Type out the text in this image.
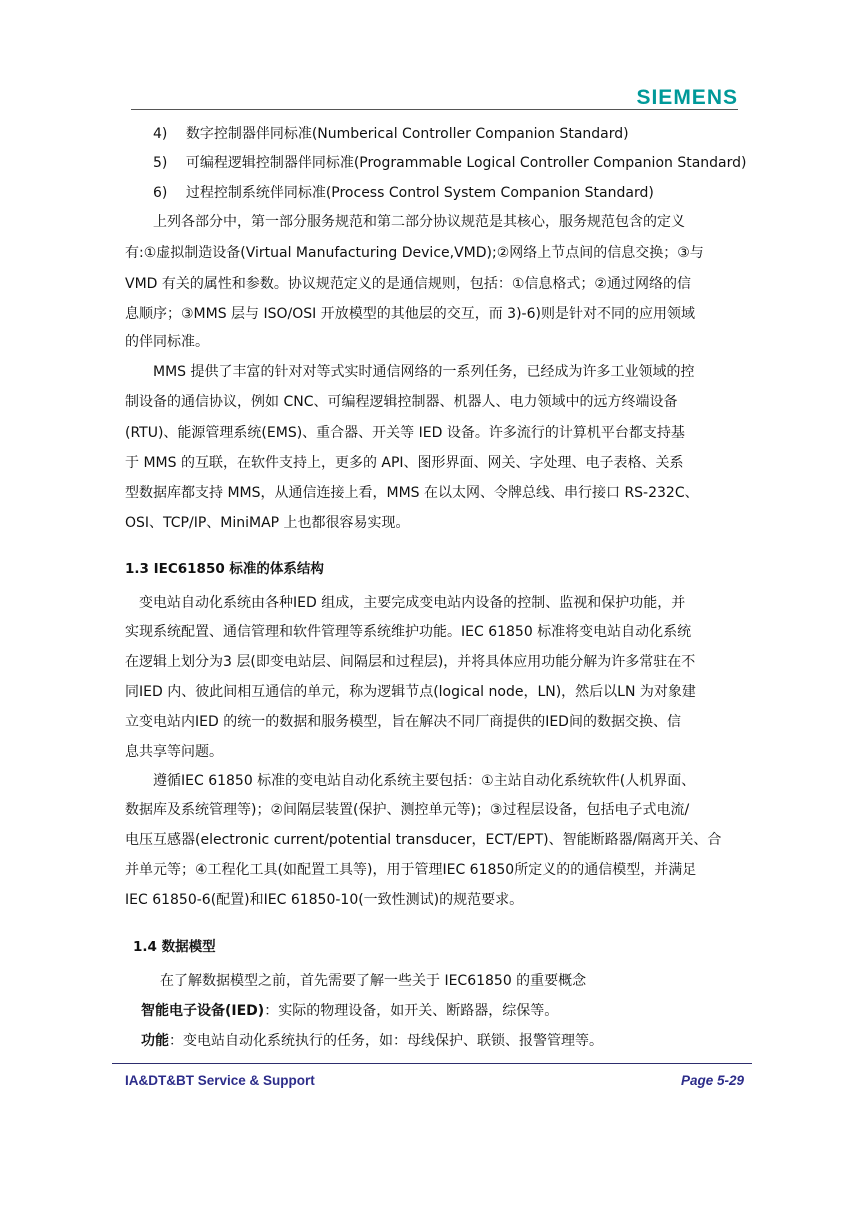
SIEMENS
4) 数字控制器伴同标准(Numberical Controller Companion Standard)
5) 可编程逻辑控制器伴同标准(Programmable Logical Controller Companion Standard)
6) 过程控制系统伴同标准(Process Control System Companion Standard)
上列各部分中，第一部分服务规范和第二部分协议规范是其核心，服务规范包含的定义
有:①虚拟制造设备(Virtual Manufacturing Device,VMD);②网络上节点间的信息交换；③与
VMD 有关的属性和参数。协议规范定义的是通信规则，包括：①信息格式；②通过网络的信
息顺序；③MMS 层与 ISO/OSI 开放模型的其他层的交互，而 3)-6)则是针对不同的应用领域
的伴同标准。
MMS 提供了丰富的针对对等式实时通信网络的一系列任务，已经成为许多工业领域的控
制设备的通信协议，例如 CNC、可编程逻辑控制器、机器人、电力领域中的远方终端设备
(RTU)、能源管理系统(EMS)、重合器、开关等 IED 设备。许多流行的计算机平台都支持基
于 MMS 的互联，在软件支持上，更多的 API、图形界面、网关、字处理、电子表格、关系
型数据库都支持 MMS，从通信连接上看，MMS 在以太网、令牌总线、串行接口 RS-232C、
OSI、TCP/IP、MiniMAP 上也都很容易实现。
1.3 IEC61850 标准的体系结构
变电站自动化系统由各种IED 组成，主要完成变电站内设备的控制、监视和保护功能，并
实现系统配置、通信管理和软件管理等系统维护功能。IEC 61850 标准将变电站自动化系统
在逻辑上划分为3 层(即变电站层、间隔层和过程层)，并将具体应用功能分解为许多常驻在不
同IED 内、彼此间相互通信的单元，称为逻辑节点(logical node，LN)，然后以LN 为对象建
立变电站内IED 的统一的数据和服务模型，旨在解决不同厂商提供的IED间的数据交换、信
息共享等问题。
遵循IEC 61850 标准的变电站自动化系统主要包括：①主站自动化系统软件(人机界面、
数据库及系统管理等)；②间隔层装置(保护、测控单元等)；③过程层设备，包括电子式电流/
电压互感器(electronic current/potential transducer，ECT/EPT)、智能断路器/隔离开关、合
并单元等；④工程化工具(如配置工具等)，用于管理IEC 61850所定义的的通信模型，并满足
IEC 61850-6(配置)和IEC 61850-10(一致性测试)的规范要求。
1.4 数据模型
在了解数据模型之前，首先需要了解一些关于 IEC61850 的重要概念
智能电子设备(IED)：实际的物理设备，如开关、断路器，综保等。
功能：变电站自动化系统执行的任务，如：母线保护、联锁、报警管理等。
IA&DT&BT Service & Support	Page 5-29
